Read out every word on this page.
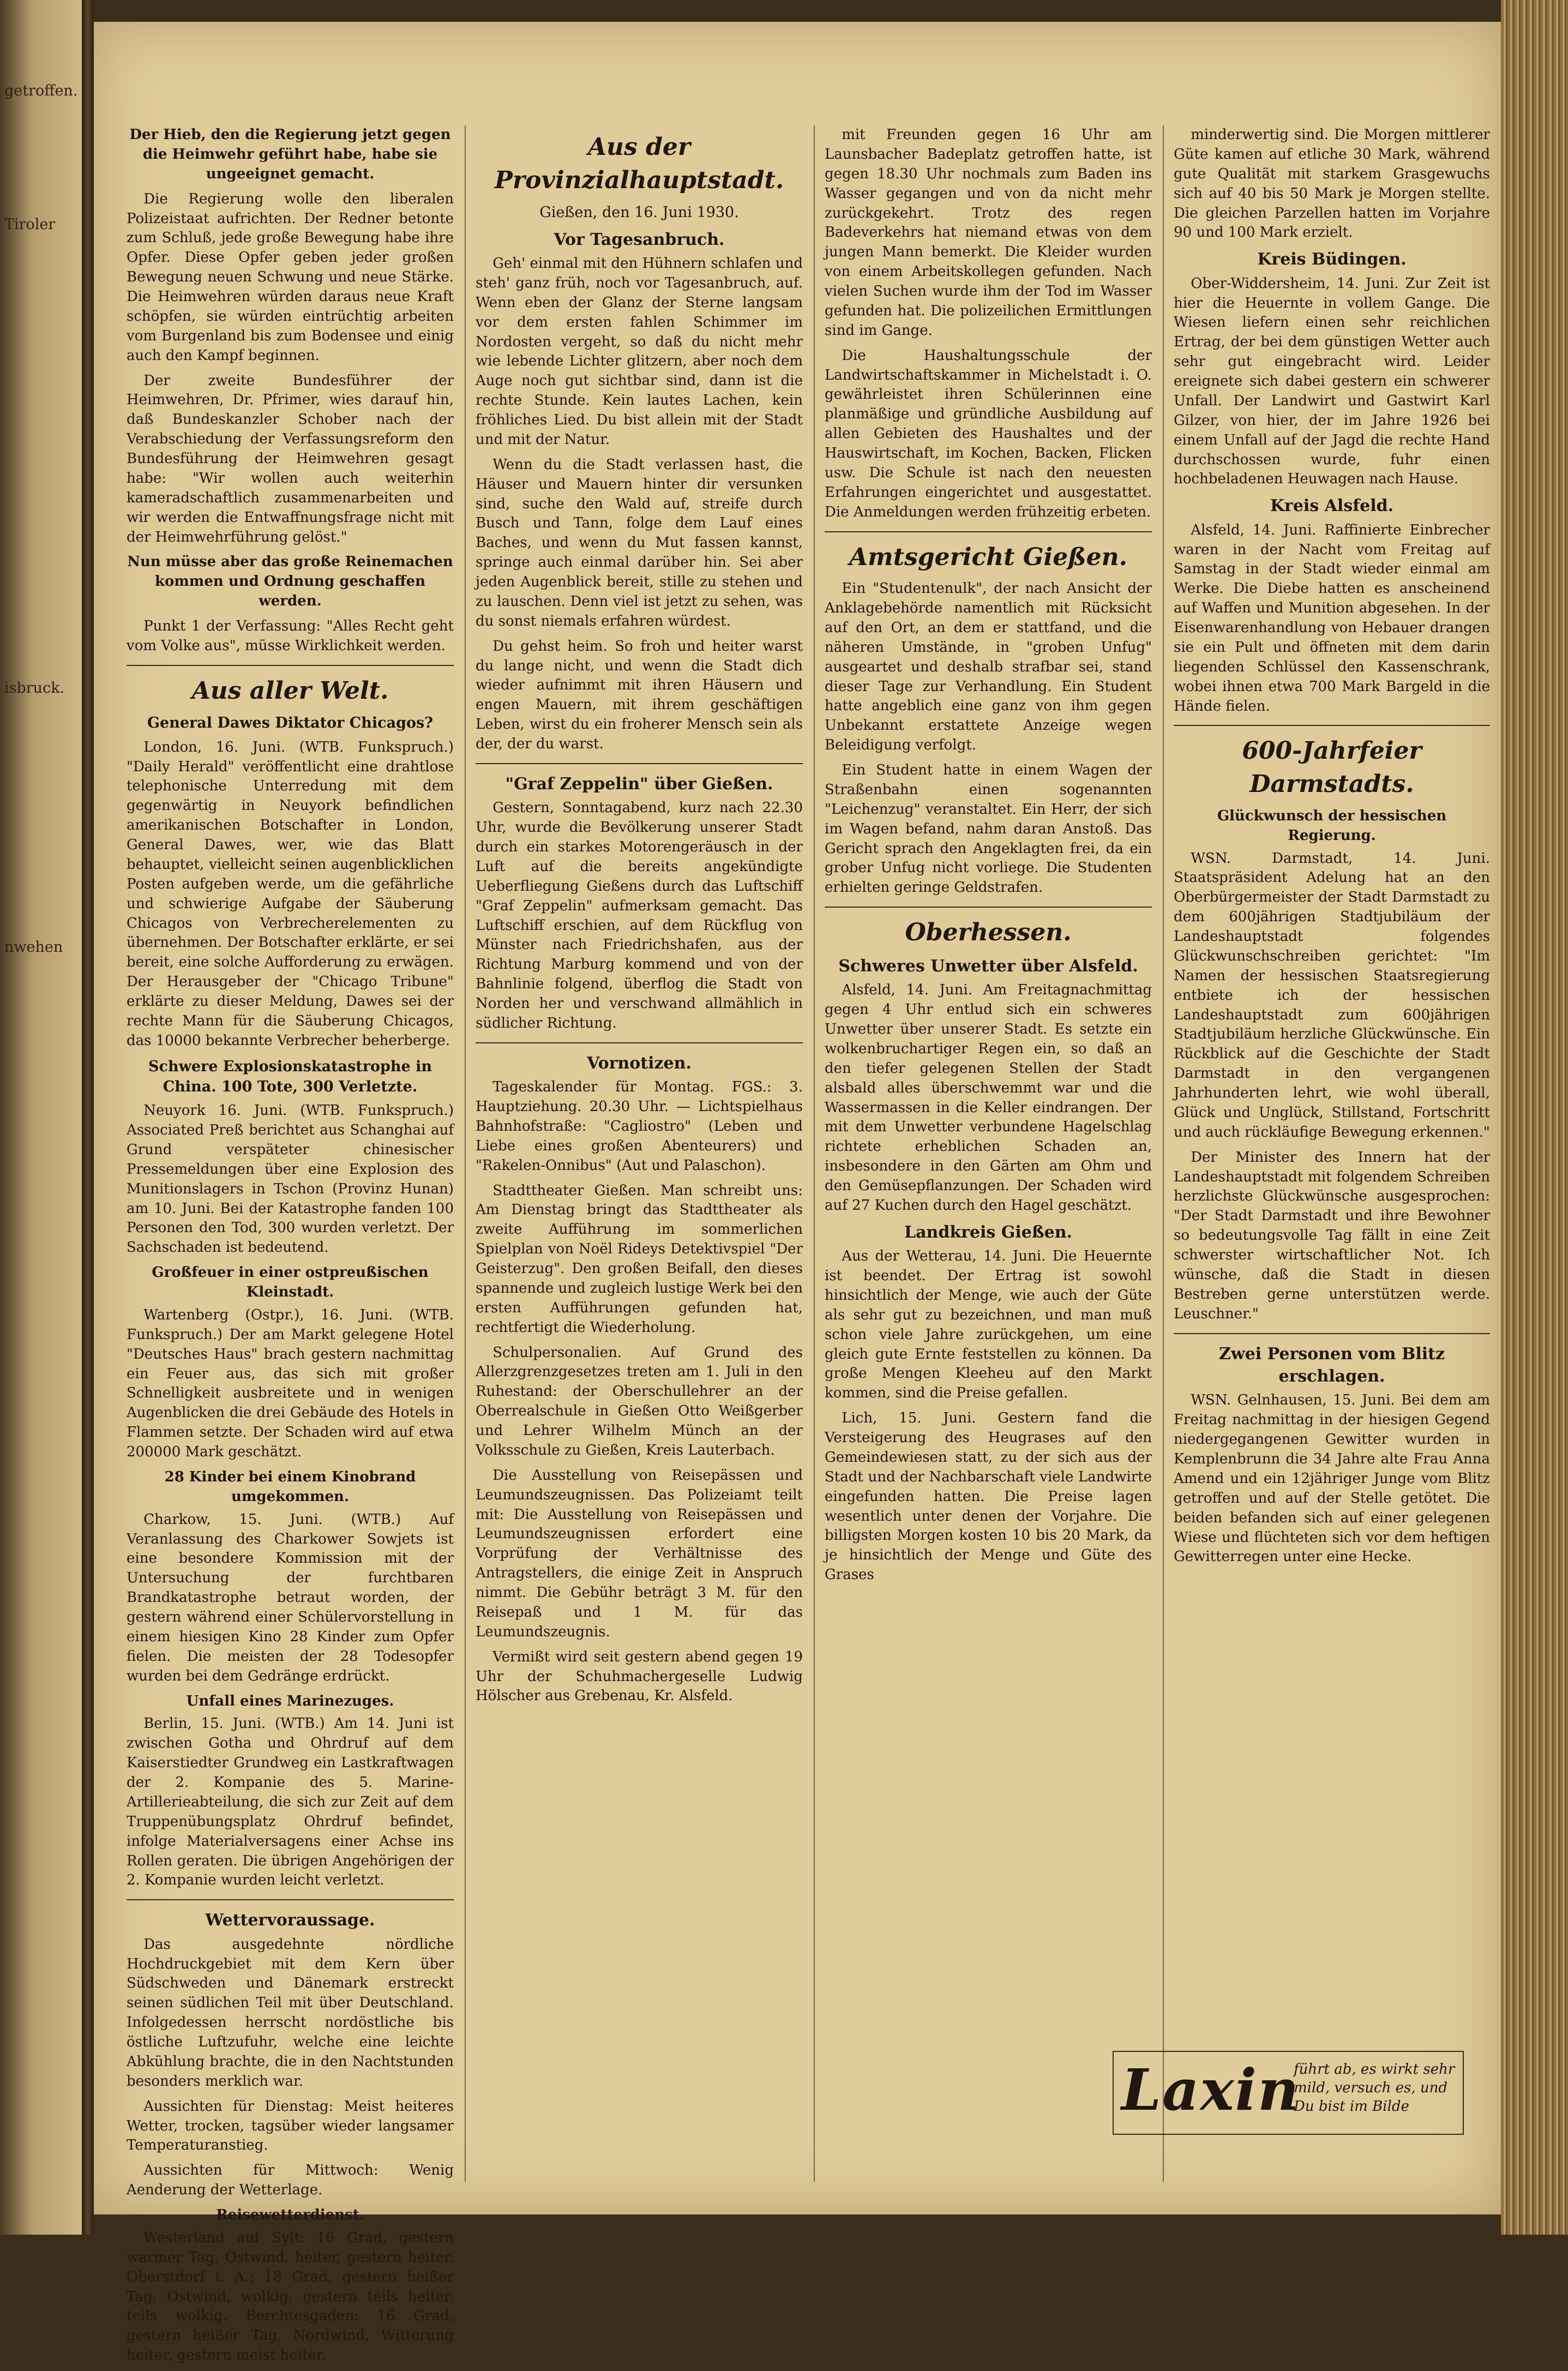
getroffen.
Tiroler
isbruck.
nwehen

Der Hieb, den die Regierung jetzt gegen die Heimwehr geführt habe, habe sie ungeeignet gemacht.

Die Regierung wolle den liberalen Polizeistaat aufrichten. Der Redner betonte zum Schluß, jede große Bewegung habe ihre Opfer. Diese Opfer geben jeder großen Bewegung neuen Schwung und neue Stärke. Die Heimwehren würden daraus neue Kraft schöpfen, sie würden eintrüchtig arbeiten vom Burgenland bis zum Bodensee und einig auch den Kampf beginnen.

Der zweite Bundesführer der Heimwehren, Dr. Pfrimer, wies darauf hin, daß Bundeskanzler Schober nach der Verabschiedung der Verfassungsreform den Bundesführung der Heimwehren gesagt habe: "Wir wollen auch weiterhin kameradschaftlich zusammenarbeiten und wir werden die Entwaffnungsfrage nicht mit der Heimwehrführung gelöst."

Nun müsse aber das große Reinemachen kommen und Ordnung geschaffen werden.

Punkt 1 der Verfassung: "Alles Recht geht vom Volke aus", müsse Wirklichkeit werden.

Aus aller Welt.
General Dawes Diktator Chicagos?

London, 16. Juni. (WTB. Funkspruch.) "Daily Herald" veröffentlicht eine drahtlose telephonische Unterredung mit dem gegenwärtig in Neuyork befindlichen amerikanischen Botschafter in London, General Dawes, wer, wie das Blatt behauptet, vielleicht seinen augenblicklichen Posten aufgeben werde, um die gefährliche und schwierige Aufgabe der Säuberung Chicagos von Verbrecherelementen zu übernehmen. Der Botschafter erklärte, er sei bereit, eine solche Aufforderung zu erwägen. Der Herausgeber der "Chicago Tribune" erklärte zu dieser Meldung, Dawes sei der rechte Mann für die Säuberung Chicagos, das 10000 bekannte Verbrecher beherberge.

Schwere Explosionskatastrophe in China. 100 Tote, 300 Verletzte.

Neuyork 16. Juni. (WTB. Funkspruch.) Associated Preß berichtet aus Schanghai auf Grund verspäteter chinesischer Pressemeldungen über eine Explosion des Munitionslagers in Tschon (Provinz Hunan) am 10. Juni. Bei der Katastrophe fanden 100 Personen den Tod, 300 wurden verletzt. Der Sachschaden ist bedeutend.

Großfeuer in einer ostpreußischen Kleinstadt.

Wartenberg (Ostpr.), 16. Juni. (WTB. Funkspruch.) Der am Markt gelegene Hotel "Deutsches Haus" brach gestern nachmittag ein Feuer aus, das sich mit großer Schnelligkeit ausbreitete und in wenigen Augenblicken die drei Gebäude des Hotels in Flammen setzte. Der Schaden wird auf etwa 200000 Mark geschätzt.

28 Kinder bei einem Kinobrand umgekommen.

Charkow, 15. Juni. (WTB.) Auf Veranlassung des Charkower Sowjets ist eine besondere Kommission mit der Untersuchung der furchtbaren Brandkatastrophe betraut worden, der gestern während einer Schülervorstellung in einem hiesigen Kino 28 Kinder zum Opfer fielen. Die meisten der 28 Todesopfer wurden bei dem Gedränge erdrückt.

Unfall eines Marinezuges.

Berlin, 15. Juni. (WTB.) Am 14. Juni ist zwischen Gotha und Ohrdruf auf dem Kaiserstiedter Grundweg ein Lastkraftwagen der 2. Kompanie des 5. Marine-Artillerieabteilung, die sich zur Zeit auf dem Truppenübungsplatz Ohrdruf befindet, infolge Materialversagens einer Achse ins Rollen geraten. Die übrigen Angehörigen der 2. Kompanie wurden leicht verletzt.

Wettervoraussage.

Das ausgedehnte nördliche Hochdruckgebiet mit dem Kern über Südschweden und Dänemark erstreckt seinen südlichen Teil mit über Deutschland. Infolgedessen herrscht nordöstliche bis östliche Luftzufuhr, welche eine leichte Abkühlung brachte, die in den Nachtstunden besonders merklich war.

Aussichten für Dienstag: Meist heiteres Wetter, trocken, tagsüber wieder langsamer Temperaturanstieg.

Aussichten für Mittwoch: Wenig Aenderung der Wetterlage.

Reisewetterdienst.

Westerland auf Sylt: 16 Grad, gestern warmer Tag, Ostwind, heiter, gestern heiter. Oberstdorf i. A.: 18 Grad, gestern heißer Tag, Ostwind, wolkig, gestern teils heiter, teils wolkig. Berchtesgaden: 16 Grad, gestern heißer Tag, Nordwind, Witterung heiter, gestern meist heiter.

Aus der Provinzialhauptstadt.
Gießen, den 16. Juni 1930.
Vor Tagesanbruch.

Geh' einmal mit den Hühnern schlafen und steh' ganz früh, noch vor Tagesanbruch, auf. Wenn eben der Glanz der Sterne langsam vor dem ersten fahlen Schimmer im Nordosten vergeht, so daß du nicht mehr wie lebende Lichter glitzern, aber noch dem Auge noch gut sichtbar sind, dann ist die rechte Stunde. Kein lautes Lachen, kein fröhliches Lied. Du bist allein mit der Stadt und mit der Natur.

Wenn du die Stadt verlassen hast, die Häuser und Mauern hinter dir versunken sind, suche den Wald auf, streife durch Busch und Tann, folge dem Lauf eines Baches, und wenn du Mut fassen kannst, springe auch einmal darüber hin. Sei aber jeden Augenblick bereit, stille zu stehen und zu lauschen. Denn viel ist jetzt zu sehen, was du sonst niemals erfahren würdest.

Du gehst heim. So froh und heiter warst du lange nicht, und wenn die Stadt dich wieder aufnimmt mit ihren Häusern und engen Mauern, mit ihrem geschäftigen Leben, wirst du ein froherer Mensch sein als der, der du warst.

"Graf Zeppelin" über Gießen.

Gestern, Sonntagabend, kurz nach 22.30 Uhr, wurde die Bevölkerung unserer Stadt durch ein starkes Motorengeräusch in der Luft auf die bereits angekündigte Ueberfliegung Gießens durch das Luftschiff "Graf Zeppelin" aufmerksam gemacht. Das Luftschiff erschien, auf dem Rückflug von Münster nach Friedrichshafen, aus der Richtung Marburg kommend und von der Bahnlinie folgend, überflog die Stadt von Norden her und verschwand allmählich in südlicher Richtung.

Vornotizen.

Tageskalender für Montag. FGS.: 3. Hauptziehung. 20.30 Uhr. — Lichtspielhaus Bahnhofstraße: "Cagliostro" (Leben und Liebe eines großen Abenteurers) und "Rakelen-Onnibus" (Aut und Palaschon).

Stadttheater Gießen. Man schreibt uns: Am Dienstag bringt das Stadttheater als zweite Aufführung im sommerlichen Spielplan von Noël Rideys Detektivspiel "Der Geisterzug". Den großen Beifall, den dieses spannende und zugleich lustige Werk bei den ersten Aufführungen gefunden hat, rechtfertigt die Wiederholung.

Schulpersonalien. Auf Grund des Allerzgrenzgesetzes treten am 1. Juli in den Ruhestand: der Oberschullehrer an der Oberrealschule in Gießen Otto Weißgerber und Lehrer Wilhelm Münch an der Volksschule zu Gießen, Kreis Lauterbach.

Die Ausstellung von Reisepässen und Leumundszeugnissen. Das Polizeiamt teilt mit: Die Ausstellung von Reisepässen und Leumundszeugnissen erfordert eine Vorprüfung der Verhältnisse des Antragstellers, die einige Zeit in Anspruch nimmt. Die Gebühr beträgt 3 M. für den Reisepaß und 1 M. für das Leumundszeugnis.

Vermißt wird seit gestern abend gegen 19 Uhr der Schuhmachergeselle Ludwig Hölscher aus Grebenau, Kr. Alsfeld.

mit Freunden gegen 16 Uhr am Launsbacher Badeplatz getroffen hatte, ist gegen 18.30 Uhr nochmals zum Baden ins Wasser gegangen und von da nicht mehr zurückgekehrt. Trotz des regen Badeverkehrs hat niemand etwas von dem jungen Mann bemerkt. Die Kleider wurden von einem Arbeitskollegen gefunden. Nach vielen Suchen wurde ihm der Tod im Wasser gefunden hat. Die polizeilichen Ermittlungen sind im Gange.

Die Haushaltungsschule der Landwirtschaftskammer in Michelstadt i. O. gewährleistet ihren Schülerinnen eine planmäßige und gründliche Ausbildung auf allen Gebieten des Haushaltes und der Hauswirtschaft, im Kochen, Backen, Flicken usw. Die Schule ist nach den neuesten Erfahrungen eingerichtet und ausgestattet. Die Anmeldungen werden frühzeitig erbeten.

Amtsgericht Gießen.

Ein "Studentenulk", der nach Ansicht der Anklagebehörde namentlich mit Rücksicht auf den Ort, an dem er stattfand, und die näheren Umstände, in "groben Unfug" ausgeartet und deshalb strafbar sei, stand dieser Tage zur Verhandlung. Ein Student hatte angeblich eine ganz von ihm gegen Unbekannt erstattete Anzeige wegen Beleidigung verfolgt.

Ein Student hatte in einem Wagen der Straßenbahn einen sogenannten "Leichenzug" veranstaltet. Ein Herr, der sich im Wagen befand, nahm daran Anstoß. Das Gericht sprach den Angeklagten frei, da ein grober Unfug nicht vorliege. Die Studenten erhielten geringe Geldstrafen.

Oberhessen.
Schweres Unwetter über Alsfeld.

Alsfeld, 14. Juni. Am Freitagnachmittag gegen 4 Uhr entlud sich ein schweres Unwetter über unserer Stadt. Es setzte ein wolkenbruchartiger Regen ein, so daß an den tiefer gelegenen Stellen der Stadt alsbald alles überschwemmt war und die Wassermassen in die Keller eindrangen. Der mit dem Unwetter verbundene Hagelschlag richtete erheblichen Schaden an, insbesondere in den Gärten am Ohm und den Gemüsepflanzungen. Der Schaden wird auf 27 Kuchen durch den Hagel geschätzt.

Landkreis Gießen.

Aus der Wetterau, 14. Juni. Die Heuernte ist beendet. Der Ertrag ist sowohl hinsichtlich der Menge, wie auch der Güte als sehr gut zu bezeichnen, und man muß schon viele Jahre zurückgehen, um eine gleich gute Ernte feststellen zu können. Da große Mengen Kleeheu auf den Markt kommen, sind die Preise gefallen.

Lich, 15. Juni. Gestern fand die Versteigerung des Heugrases auf den Gemeindewiesen statt, zu der sich aus der Stadt und der Nachbarschaft viele Landwirte eingefunden hatten. Die Preise lagen wesentlich unter denen der Vorjahre. Die billigsten Morgen kosten 10 bis 20 Mark, da je hinsichtlich der Menge und Güte des Grases

minderwertig sind. Die Morgen mittlerer Güte kamen auf etliche 30 Mark, während gute Qualität mit starkem Grasgewuchs sich auf 40 bis 50 Mark je Morgen stellte. Die gleichen Parzellen hatten im Vorjahre 90 und 100 Mark erzielt.

Kreis Büdingen.

Ober-Widdersheim, 14. Juni. Zur Zeit ist hier die Heuernte in vollem Gange. Die Wiesen liefern einen sehr reichlichen Ertrag, der bei dem günstigen Wetter auch sehr gut eingebracht wird. Leider ereignete sich dabei gestern ein schwerer Unfall. Der Landwirt und Gastwirt Karl Gilzer, von hier, der im Jahre 1926 bei einem Unfall auf der Jagd die rechte Hand durchschossen wurde, fuhr einen hochbeladenen Heuwagen nach Hause.

Kreis Alsfeld.

Alsfeld, 14. Juni. Raffinierte Einbrecher waren in der Nacht vom Freitag auf Samstag in der Stadt wieder einmal am Werke. Die Diebe hatten es anscheinend auf Waffen und Munition abgesehen. In der Eisenwarenhandlung von Hebauer drangen sie ein Pult und öffneten mit dem darin liegenden Schlüssel den Kassenschrank, wobei ihnen etwa 700 Mark Bargeld in die Hände fielen.

600-Jahrfeier Darmstadts.
Glückwunsch der hessischen Regierung.

WSN. Darmstadt, 14. Juni. Staatspräsident Adelung hat an den Oberbürgermeister der Stadt Darmstadt zu dem 600jährigen Stadtjubiläum der Landeshauptstadt folgendes Glückwunschschreiben gerichtet: "Im Namen der hessischen Staatsregierung entbiete ich der hessischen Landeshauptstadt zum 600jährigen Stadtjubiläum herzliche Glückwünsche. Ein Rückblick auf die Geschichte der Stadt Darmstadt in den vergangenen Jahrhunderten lehrt, wie wohl überall, Glück und Unglück, Stillstand, Fortschritt und auch rückläufige Bewegung erkennen."

Der Minister des Innern hat der Landeshauptstadt mit folgendem Schreiben herzlichste Glückwünsche ausgesprochen: "Der Stadt Darmstadt und ihre Bewohner so bedeutungsvolle Tag fällt in eine Zeit schwerster wirtschaftlicher Not. Ich wünsche, daß die Stadt in diesen Bestreben gerne unterstützen werde. Leuschner."

Zwei Personen vom Blitz erschlagen.

WSN. Gelnhausen, 15. Juni. Bei dem am Freitag nachmittag in der hiesigen Gegend niedergegangenen Gewitter wurden in Kemplenbrunn die 34 Jahre alte Frau Anna Amend und ein 12jähriger Junge vom Blitz getroffen und auf der Stelle getötet. Die beiden befanden sich auf einer gelegenen Wiese und flüchteten sich vor dem heftigen Gewitterregen unter eine Hecke.

Laxin
führt ab, es wirkt sehr mild, versuch es, und Du bist im Bilde
